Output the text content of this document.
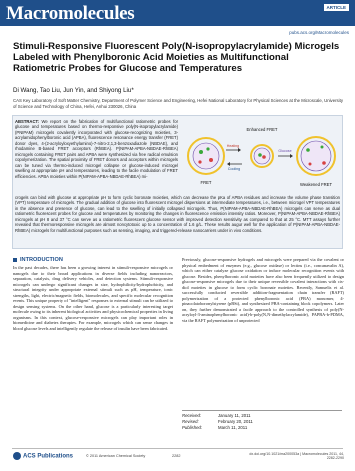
Macromolecules	ARTICLE
pubs.acs.org/Macromolecules
Stimuli-Responsive Fluorescent Poly(N-isopropylacrylamide) Microgels Labeled with Phenylboronic Acid Moieties as Multifunctional Ratiometric Probes for Glucose and Temperatures
Di Wang, Tao Liu, Jun Yin, and Shiyong Liu*
CAS Key Laboratory of Soft Matter Chemistry, Department of Polymer Science and Engineering, Hefei National Laboratory for Physical Sciences at the Microscale, University of Science and Technology of China, Hefei, Anhui 230026, China
ABSTRACT: We report on the fabrication of multifunctional ratiometric probes for glucose and temperatures based on thermo-responsive poly(N-isopropylacrylamide) (PNIPAM) microgels covalently incorporated with glucose-recognizing moieties, 3-acrylamidophenylboronic acid (APBA), fluorescence resonance energy transfer (FRET) donor dyes, 4-(2-acryloyloxyethylamino)-7-nitro-2,1,3-benzoxadiazole (NBDAE), and rhodamine B-based FRET acceptors (RhBEA). P(NIPAM-APBA-NBDAE-RhBEA) microgels containing FRET pairs and APBA were synthesized via free radical emulsion copolymerization. The spatial proximity of FRET donors and acceptors within microgels can be tuned via thermo-induced microgel collapse or glucose-induced microgel swelling at appropriate pH and temperatures, leading to the facile modulation of FRET efficiencies. APBA moieties within P(NIPAM-APBA-NBDAE-RhBEA) mi-
FRET
Enhanced FRET
Heating
Cooling
Weakened FRET
Glucose
crogels can bind with glucose at appropriate pH to form cyclic boronate moieties, which can decrease the pKa of APBA residues and increase the volume phase transition (VPT) temperature of microgels. The gradual addition of glucose into fluorescent microgel dispersions at intermediate temperatures, i.e., between microgel VPT temperatures in the absence and presence of glucose, can lead to the swelling of initially collapsed microgels. Thus, P(NIPAM-APBA-NBDAE-RhBEA) microgels can serve as dual ratiometric fluorescent probes for glucose and temperatures by monitoring the changes in fluorescence emission intensity ratios. Moreover, P(NIPAM-APBA-NBDAE-RhBEA) microgels at pH 8 and 37 °C can serve as a ratiometric fluorescent glucose sensor with improved detection sensitivity as compared to that at 25 °C. MTT assays further revealed that thermoresponsive microgels are almost noncytotoxic up to a concentration of 1.6 g/L. These results augur well for the application of P(NIPAM-APBA-NBDAE-RhBEA) microgels for multifunctional purposes such as sensing, imaging, and triggered-release nanocarriers under in vivo conditions.
INTRODUCTION
In the past decades, there has been a growing interest in stimuli-responsive microgels or nanogels due to their broad applications in diverse fields including nanoreactors, separation, catalysis, drug delivery vehicles, and detection systems. Stimuli-responsive microgels can undergo significant changes in size, hydrophilicity/hydrophobicity, and structural integrity under appropriate external stimuli such as pH, temperature, ionic strengths, light, electric/magnetic fields, biomolecules, and specific molecular recognition events. This unique property of "intelligent" responses to external stimuli can be utilized to design sensing systems. On the other hand, glucose is a particularly interesting target molecule owing to its inherent biological activities and physicochemical properties in living organisms. In this context, glucose-responsive microgels can play important roles in biomedicine and diabetes therapies. For example, microgels which can sense changes in blood glucose levels and intelligently regulate the release of insulin have been fabricated.
Previously, glucose-responsive hydrogels and microgels were prepared via the covalent or physical embedment of enzymes (e.g., glucose oxidase) or lectins (i.e., concanavalin A), which can either catalyze glucose oxidation or induce molecular recognition events with glucose. Besides, phenylboronic acid moieties have also been frequently utilized to design glucose-responsive microgels due to their unique reversible covalent interactions with cis-diol moieties in glucose to form cyclic boronate moieties. Recently, Samuelis et al. successfully conducted reversible addition-fragmentation chain transfer (RAFT) polymerization of a protected phenylboronic acid (PBA) monomer, 4-pinacolatoboronylstyrene (pBSt), and synthesized PBA-containing block copolymers. Later on, they further demonstrated a facile approach to the controlled synthesis of poly(N-acryloyl-3-aminophenylboronic acid)-b-poly(N,N-dimethylacrylamide), PAPBA-b-PDMA, via the RAFT polymerization of unprotected
Received:	January 11, 2011
Revised:	February 20, 2011
Published:	March 11, 2011
ACS Publications	© 2011 American Chemical Society	2282	dx.doi.org/10.1021/ma200053a | Macromolecules 2011, 44, 2282-2290
